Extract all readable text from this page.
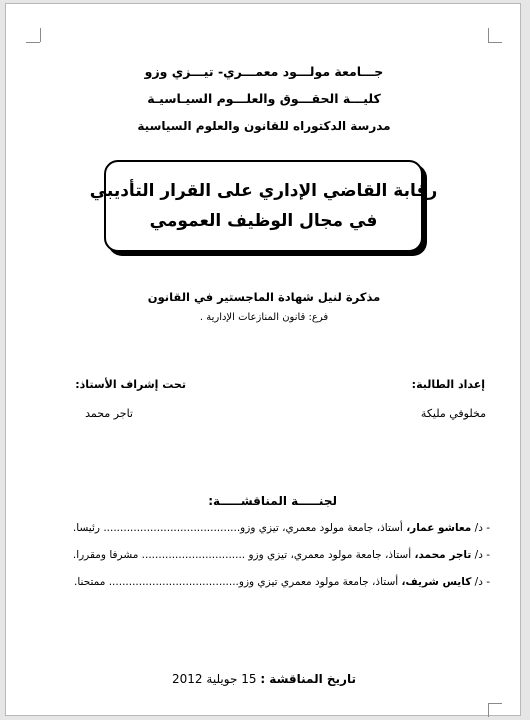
جـــامعة مولـــود معمـــري- تيـــزي وزو
كليـــة الحقـــوق والعلـــوم السيـاسيـة
مدرسة الدكتوراه للقانون والعلوم السياسية
رقابة القاضي الإداري على القرار التأديبي
في مجال الوظيف العمومي
مذكرة لنيل شهادة الماجستير في القانون
فرع: قانون المنازعات الإدارية .
إعداد الطالبة:
تحت إشراف الأستاذ:
مخلوفي مليكة
تاجر محمد
لجنـــــة المناقشـــــة:
- د/ معاشو عمار، أستاذ، جامعة مولود معمري، تيزي وزو......................................... رئيسا.
- د/ تاجر محمد، أستاذ، جامعة مولود معمري، تيزي وزو ............................... مشرفا ومقررا.
- د/ كايس شريف، أستاذ، جامعة مولود معمري تيزي وزو....................................... ممتحنا.
تاريخ المناقشة : 15 جويلية 2012
